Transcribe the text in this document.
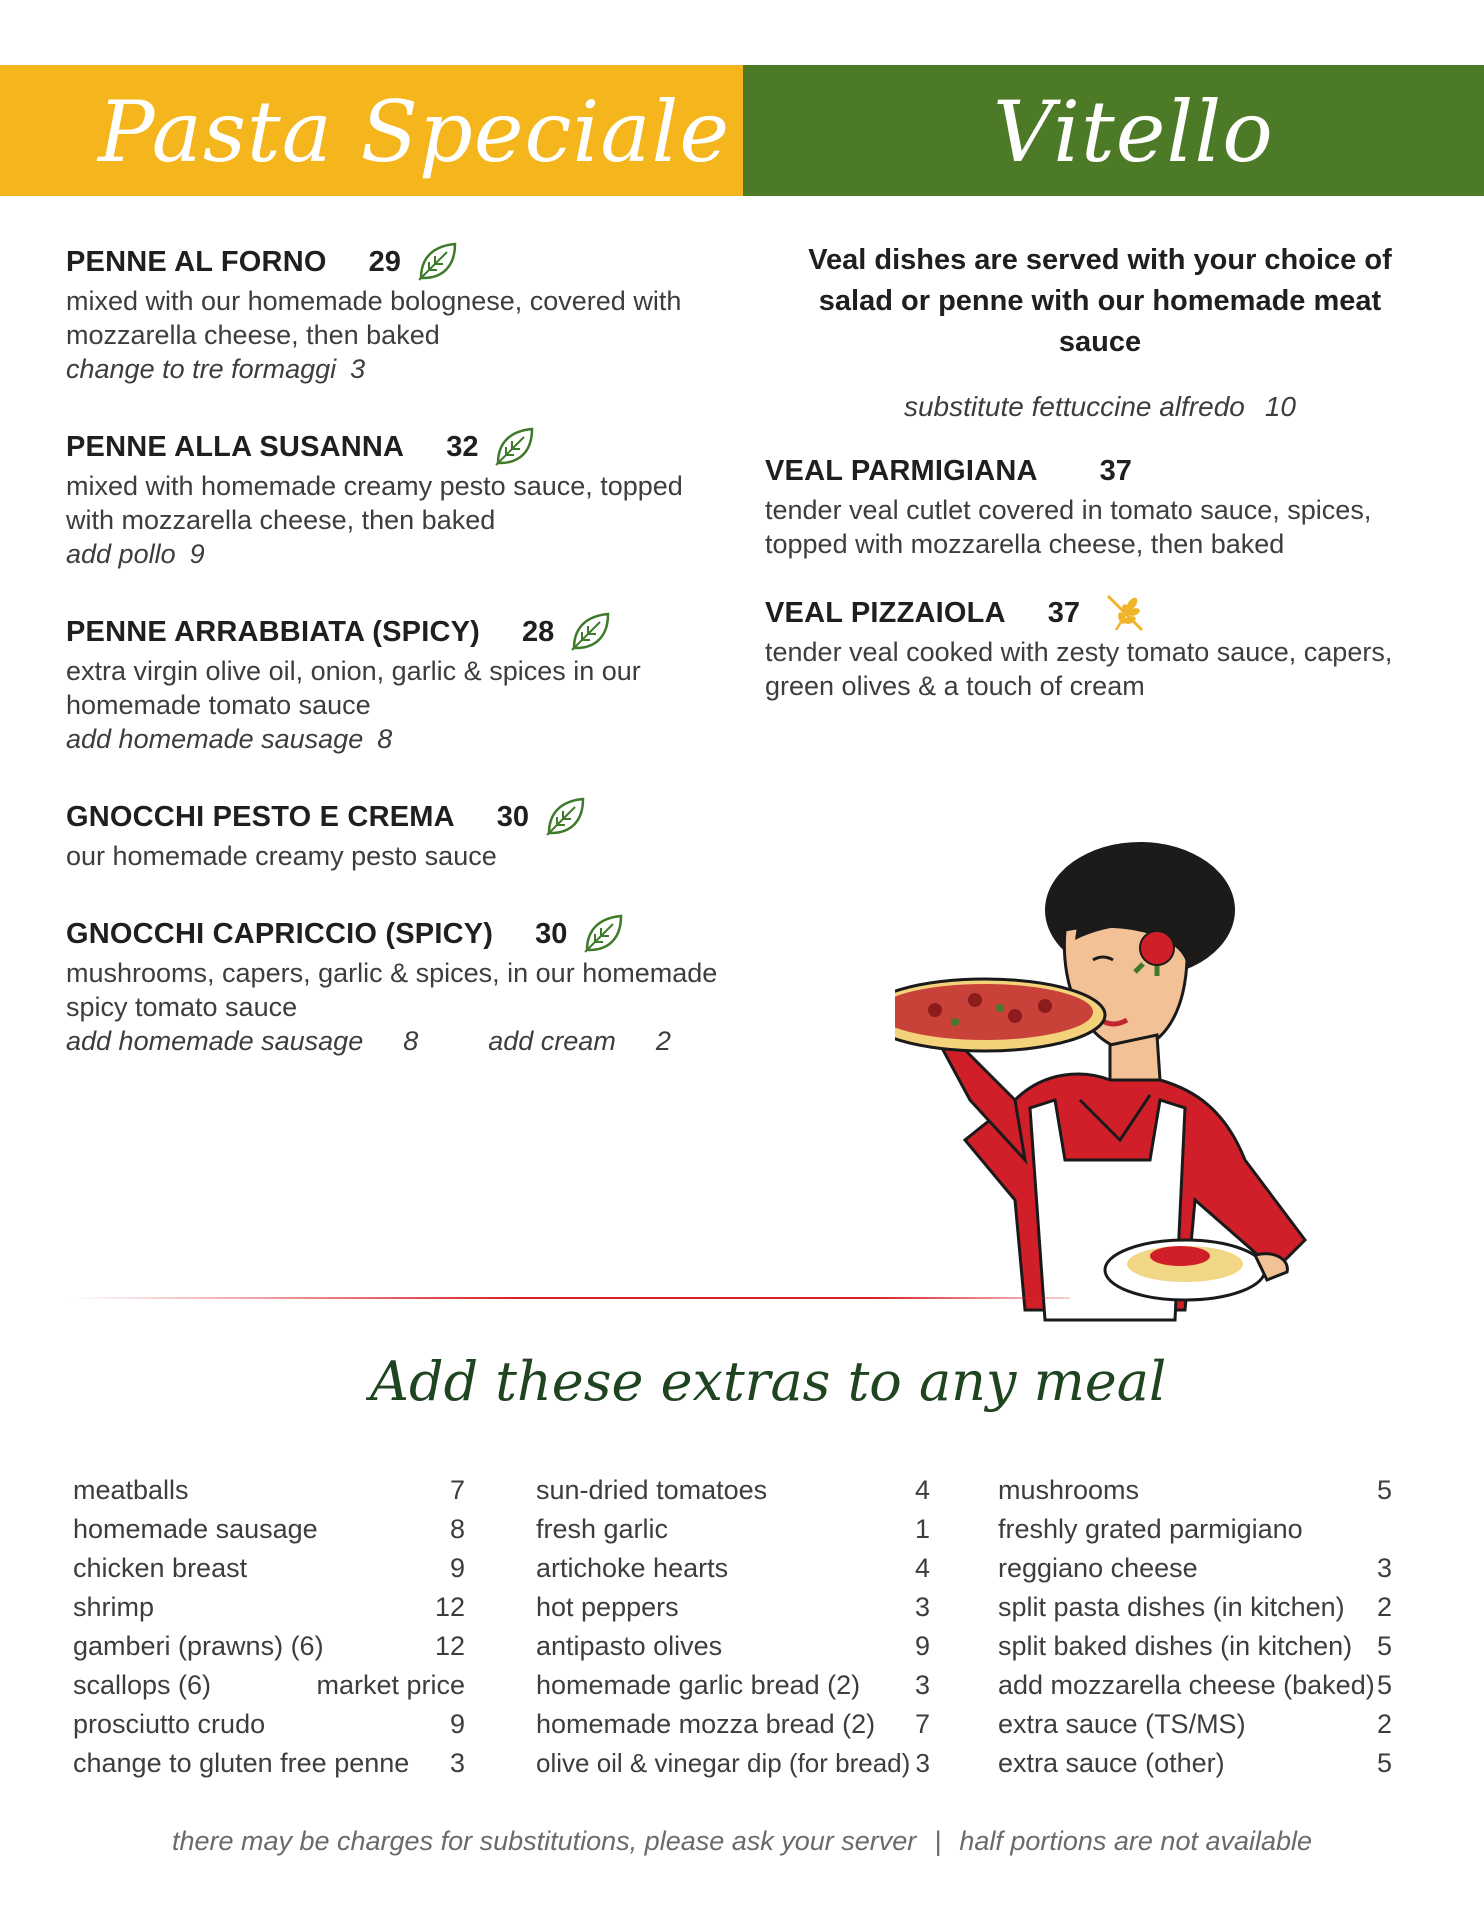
Pasta Speciale	Vitello
PENNE AL FORNO 29
mixed with our homemade bolognese, covered with mozzarella cheese, then baked
change to tre formaggi 3
PENNE ALLA SUSANNA 32
mixed with homemade creamy pesto sauce, topped with mozzarella cheese, then baked
add pollo 9
PENNE ARRABBIATA (SPICY) 28
extra virgin olive oil, onion, garlic & spices in our homemade tomato sauce
add homemade sausage 8
GNOCCHI PESTO E CREMA 30
our homemade creamy pesto sauce
GNOCCHI CAPRICCIO (SPICY) 30
mushrooms, capers, garlic & spices, in our homemade spicy tomato sauce
add homemade sausage 8	add cream 2
Veal dishes are served with your choice of salad or penne with our homemade meat sauce
substitute fettuccine alfredo 10
VEAL PARMIGIANA 37
tender veal cutlet covered in tomato sauce, spices, topped with mozzarella cheese, then baked
VEAL PIZZAIOLA 37
tender veal cooked with zesty tomato sauce, capers, green olives & a touch of cream
Add these extras to any meal
meatballs	7
homemade sausage	8
chicken breast	9
shrimp	12
gamberi (prawns) (6)	12
scallops (6)	market price
prosciutto crudo	9
change to gluten free penne 3
sun-dried tomatoes	4
fresh garlic	1
artichoke hearts	4
hot peppers	3
antipasto olives	9
homemade garlic bread (2) 3
homemade mozza bread (2) 7
olive oil & vinegar dip (for bread) 3
mushrooms	5
freshly grated parmigiano
reggiano cheese	3
split pasta dishes (in kitchen) 2
split baked dishes (in kitchen) 5
add mozzarella cheese (baked) 5
extra sauce (TS/MS)	2
extra sauce (other)	5
there may be charges for substitutions, please ask your server | half portions are not available
